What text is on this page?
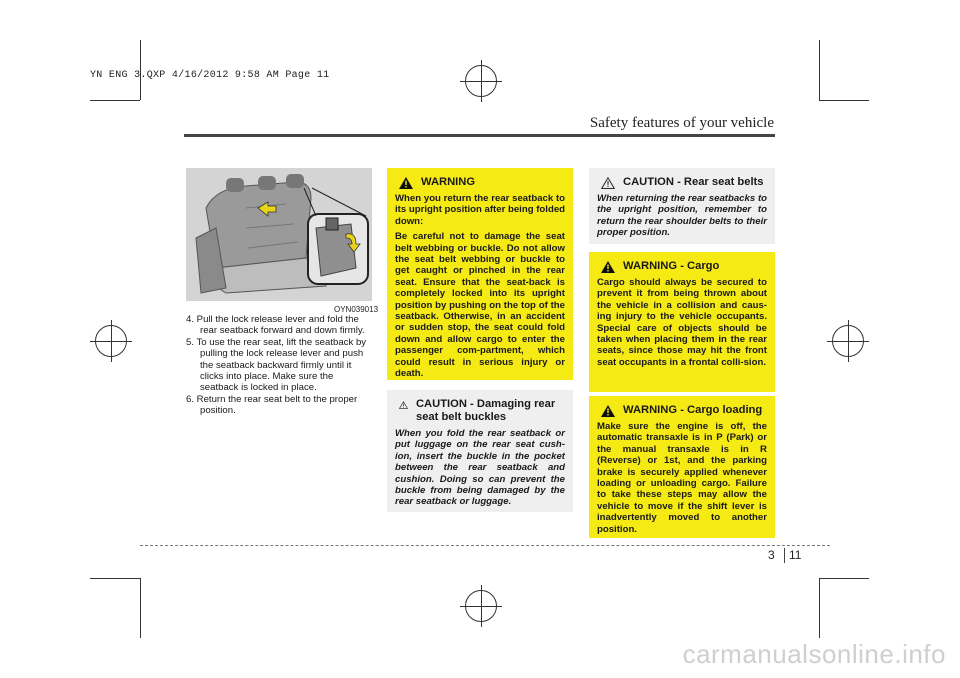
YN ENG 3.QXP 4/16/2012 9:58 AM Page 11
Safety features of your vehicle
OYN039013
4. Pull the lock release lever and fold the rear seatback forward and down firmly.
5. To use the rear seat, lift the seatback by pulling the lock release lever and push the seatback backward firmly until it clicks into place. Make sure the seatback is locked in place.
6. Return the rear seat belt to the proper position.
WARNING

When you return the rear seatback to its upright position after being folded down:

Be careful not to damage the seat belt webbing or buckle. Do not allow the seat belt webbing or buckle to get caught or pinched in the rear seat. Ensure that the seat-back is completely locked into its upright position by pushing on the top of the seatback. Otherwise, in an accident or sudden stop, the seat could fold down and allow cargo to enter the passenger com-partment, which could result in serious injury or death.

CAUTION - Damaging rear seat belt buckles

When you fold the rear seatback or put luggage on the rear seat cush-ion, insert the buckle in the pocket between the rear seatback and cushion. Doing so can prevent the buckle from being damaged by the rear seatback or luggage.

CAUTION - Rear seat belts

When returning the rear seatbacks to the upright position, remember to return the rear shoulder belts to their proper position.

WARNING - Cargo

Cargo should always be secured to prevent it from being thrown about the vehicle in a collision and caus-ing injury to the vehicle occupants. Special care of objects should be taken when placing them in the rear seats, since those may hit the front seat occupants in a frontal colli-sion.

WARNING - Cargo loading

Make sure the engine is off, the automatic transaxle is in P (Park) or the manual transaxle is in R (Reverse) or 1st, and the parking brake is securely applied whenever loading or unloading cargo. Failure to take these steps may allow the vehicle to move if the shift lever is inadvertently moved to another position.

3 11
carmanualsonline.info
